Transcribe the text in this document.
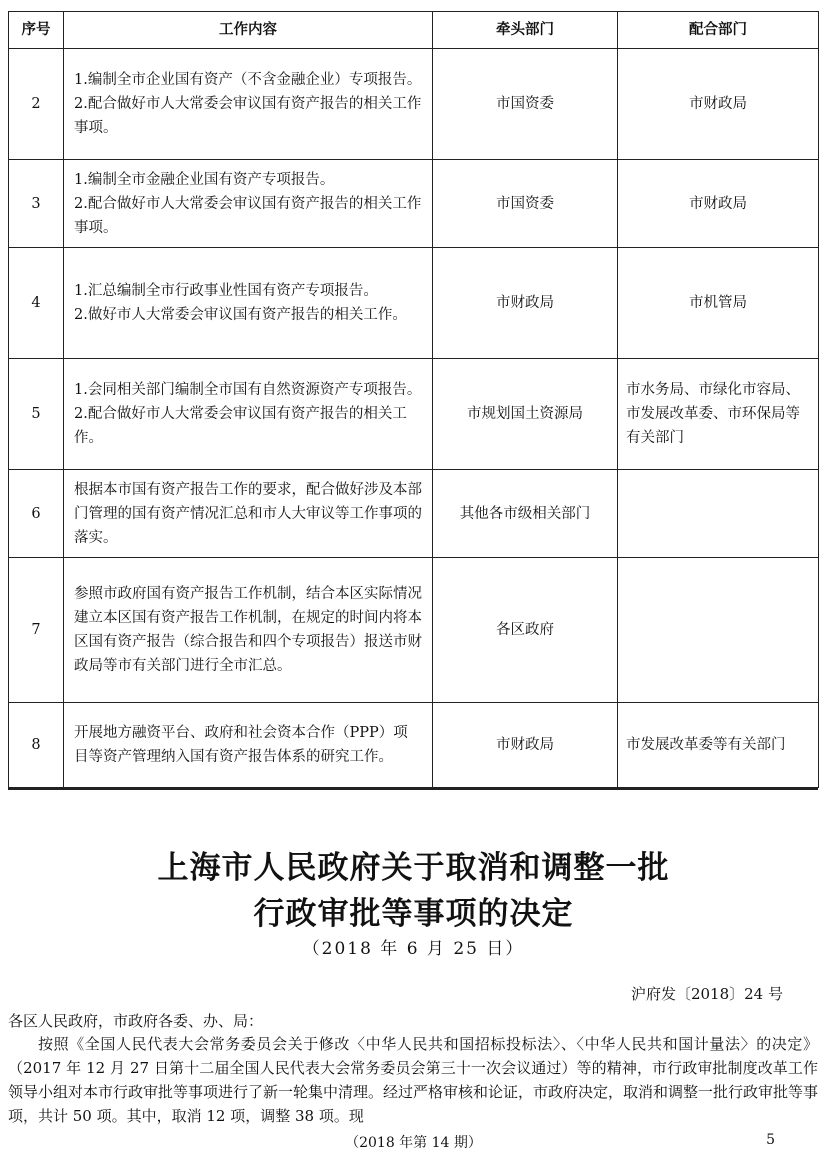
序号	工作内容	牵头部门	配合部门
2	1.编制全市企业国有资产（不含金融企业）专项报告。
2.配合做好市人大常委会审议国有资产报告的相关工作事项。	市国资委	市财政局
3	1.编制全市金融企业国有资产专项报告。
2.配合做好市人大常委会审议国有资产报告的相关工作事项。	市国资委	市财政局
4	1.汇总编制全市行政事业性国有资产专项报告。
2.做好市人大常委会审议国有资产报告的相关工作。	市财政局	市机管局
5	1.会同相关部门编制全市国有自然资源资产专项报告。
2.配合做好市人大常委会审议国有资产报告的相关工作。	市规划国土资源局	市水务局、市绿化市容局、市发展改革委、市环保局等有关部门
6	根据本市国有资产报告工作的要求，配合做好涉及本部门管理的国有资产情况汇总和市人大审议等工作事项的落实。	其他各市级相关部门	
7	参照市政府国有资产报告工作机制，结合本区实际情况建立本区国有资产报告工作机制，在规定的时间内将本区国有资产报告（综合报告和四个专项报告）报送市财政局等市有关部门进行全市汇总。	各区政府	
8	开展地方融资平台、政府和社会资本合作（PPP）项目等资产管理纳入国有资产报告体系的研究工作。	市财政局	市发展改革委等有关部门
上海市人民政府关于取消和调整一批
行政审批等事项的决定
（2018 年 6 月 25 日）
沪府发〔2018〕24 号
各区人民政府，市政府各委、办、局：

按照《全国人民代表大会常务委员会关于修改〈中华人民共和国招标投标法〉、〈中华人民共和国计量法〉的决定》（2017 年 12 月 27 日第十二届全国人民代表大会常务委员会第三十一次会议通过）等的精神，市行政审批制度改革工作领导小组对本市行政审批等事项进行了新一轮集中清理。经过严格审核和论证，市政府决定，取消和调整一批行政审批等事项，共计 50 项。其中，取消 12 项，调整 38 项。现

（2018 年第 14 期）	5
